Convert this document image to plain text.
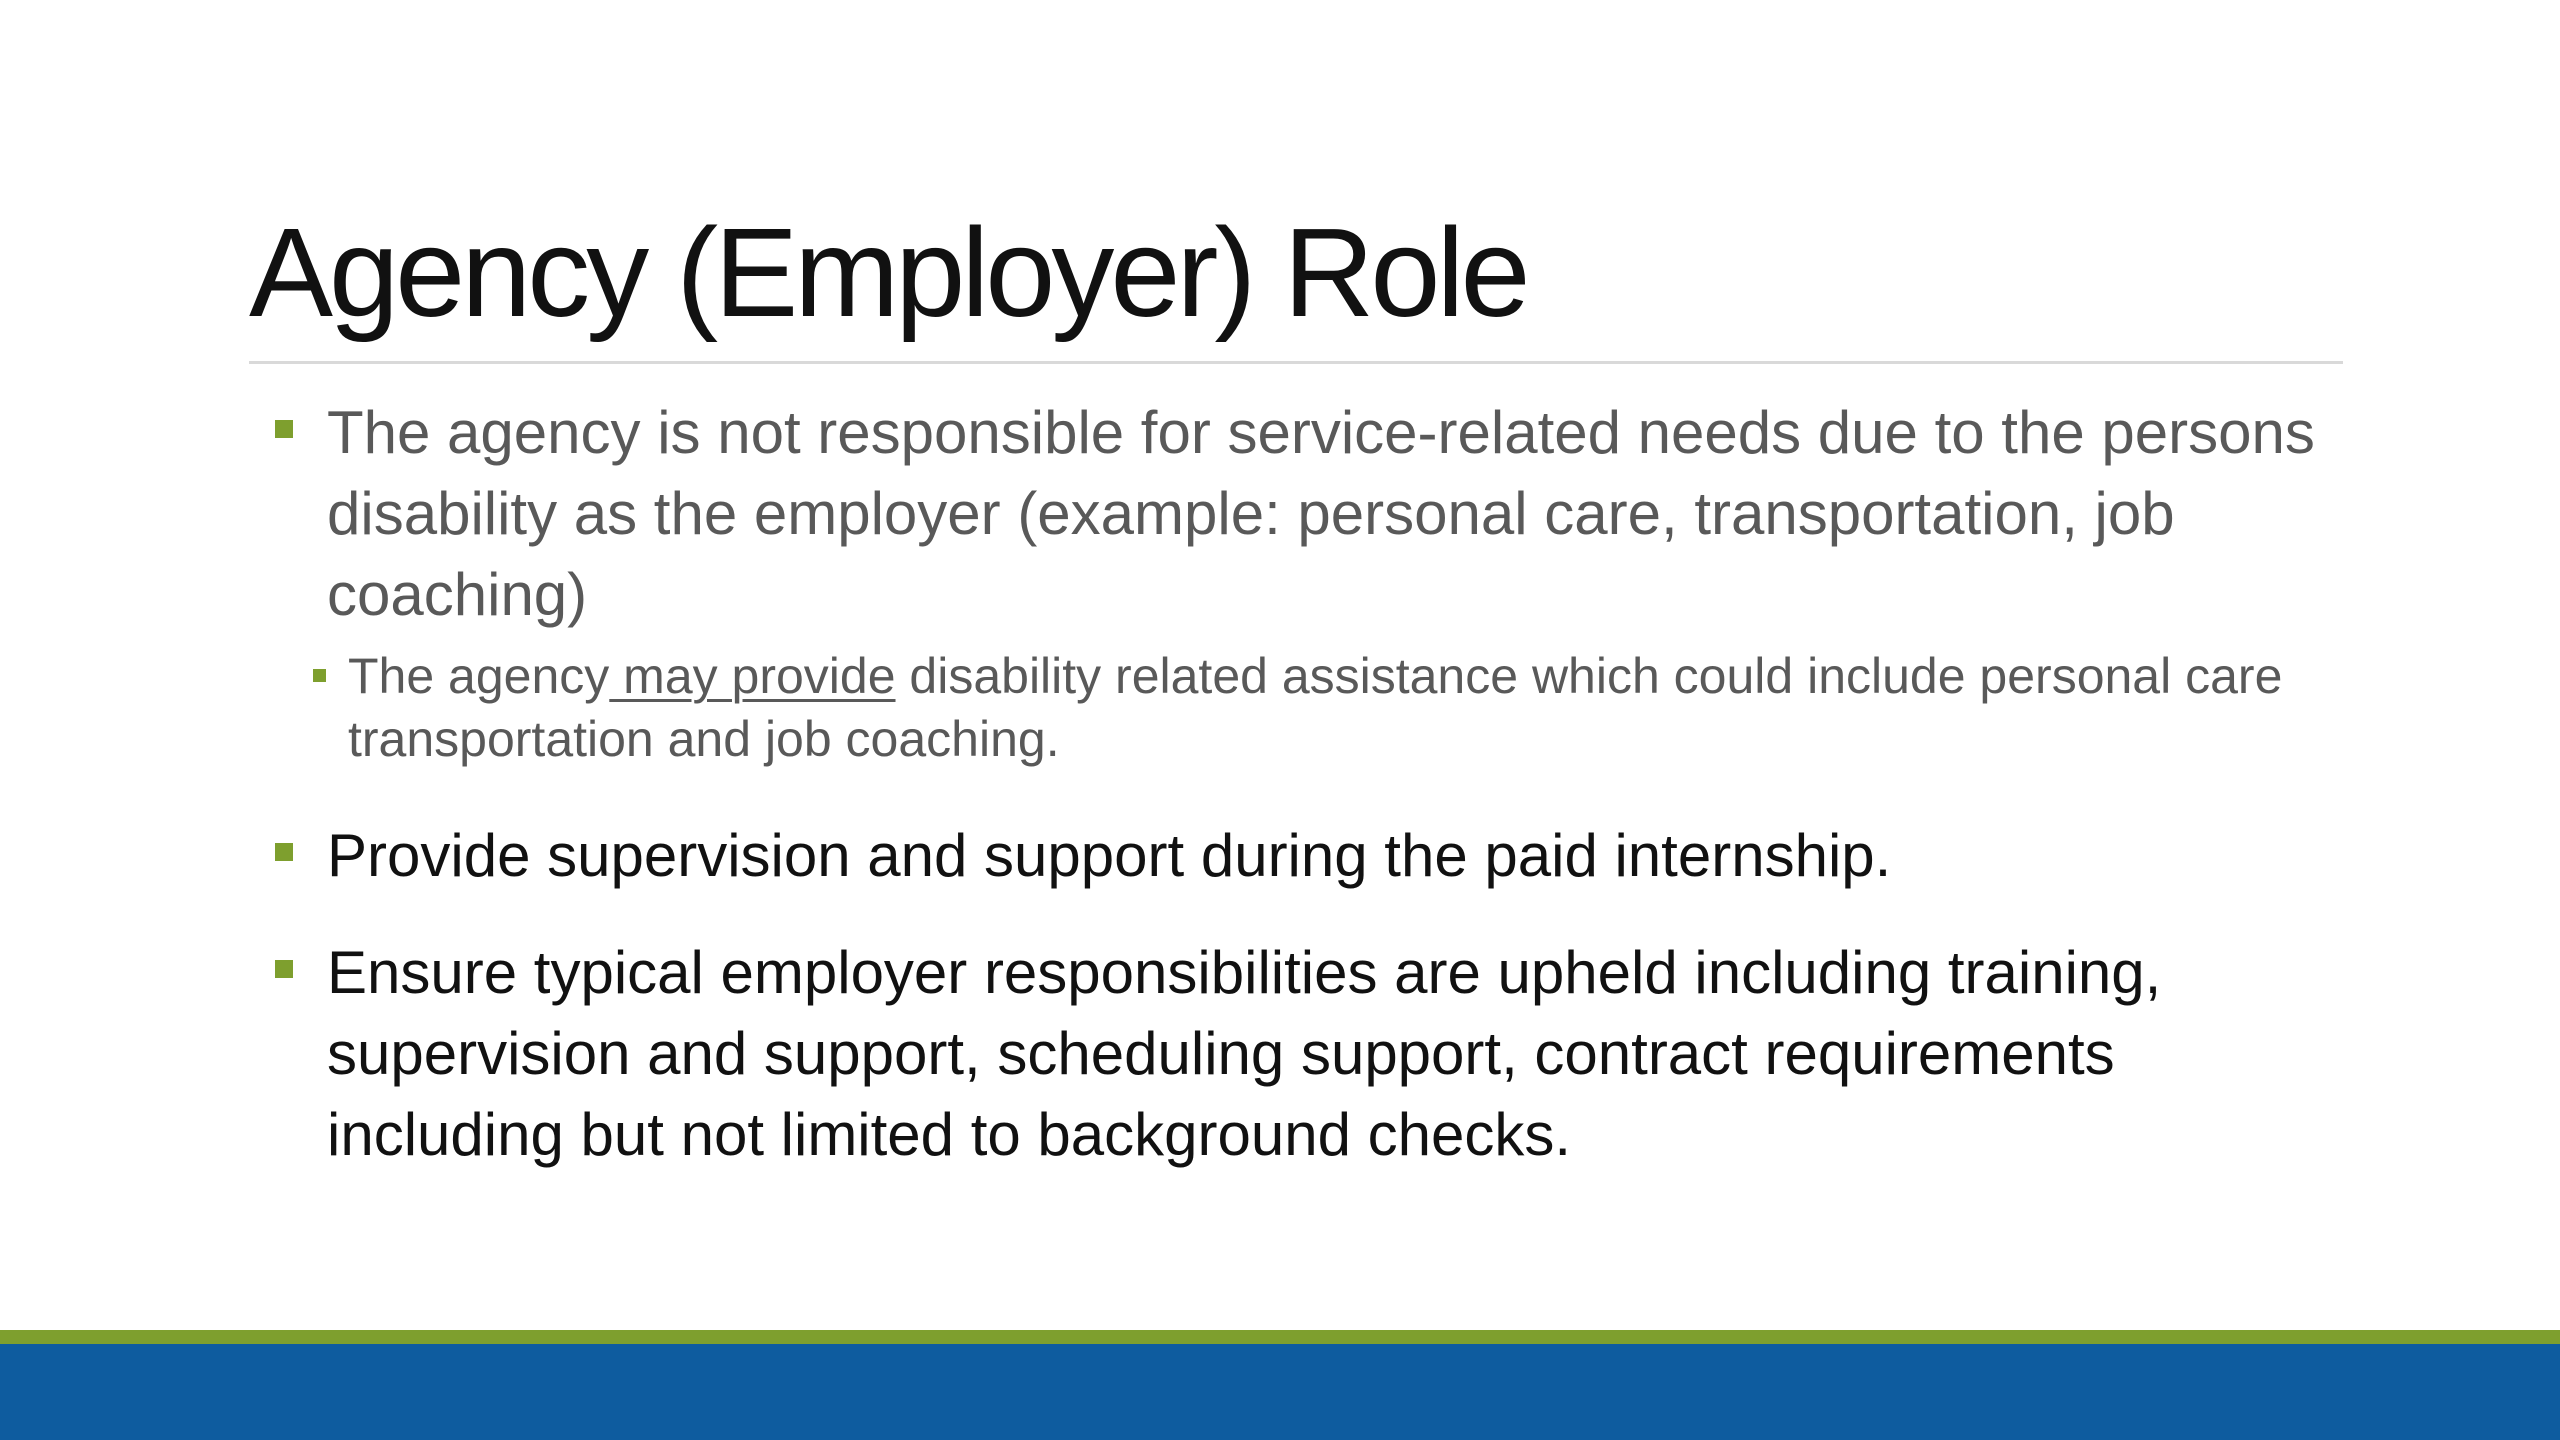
Agency (Employer) Role
The agency is not responsible for service-related needs due to the persons disability as the employer (example: personal care, transportation, job coaching)
The agency may provide disability related assistance which could include personal care transportation and job coaching.
Provide supervision and support during the paid internship.
Ensure typical employer responsibilities are upheld including training, supervision and support, scheduling support, contract requirements including but not limited to background checks.
